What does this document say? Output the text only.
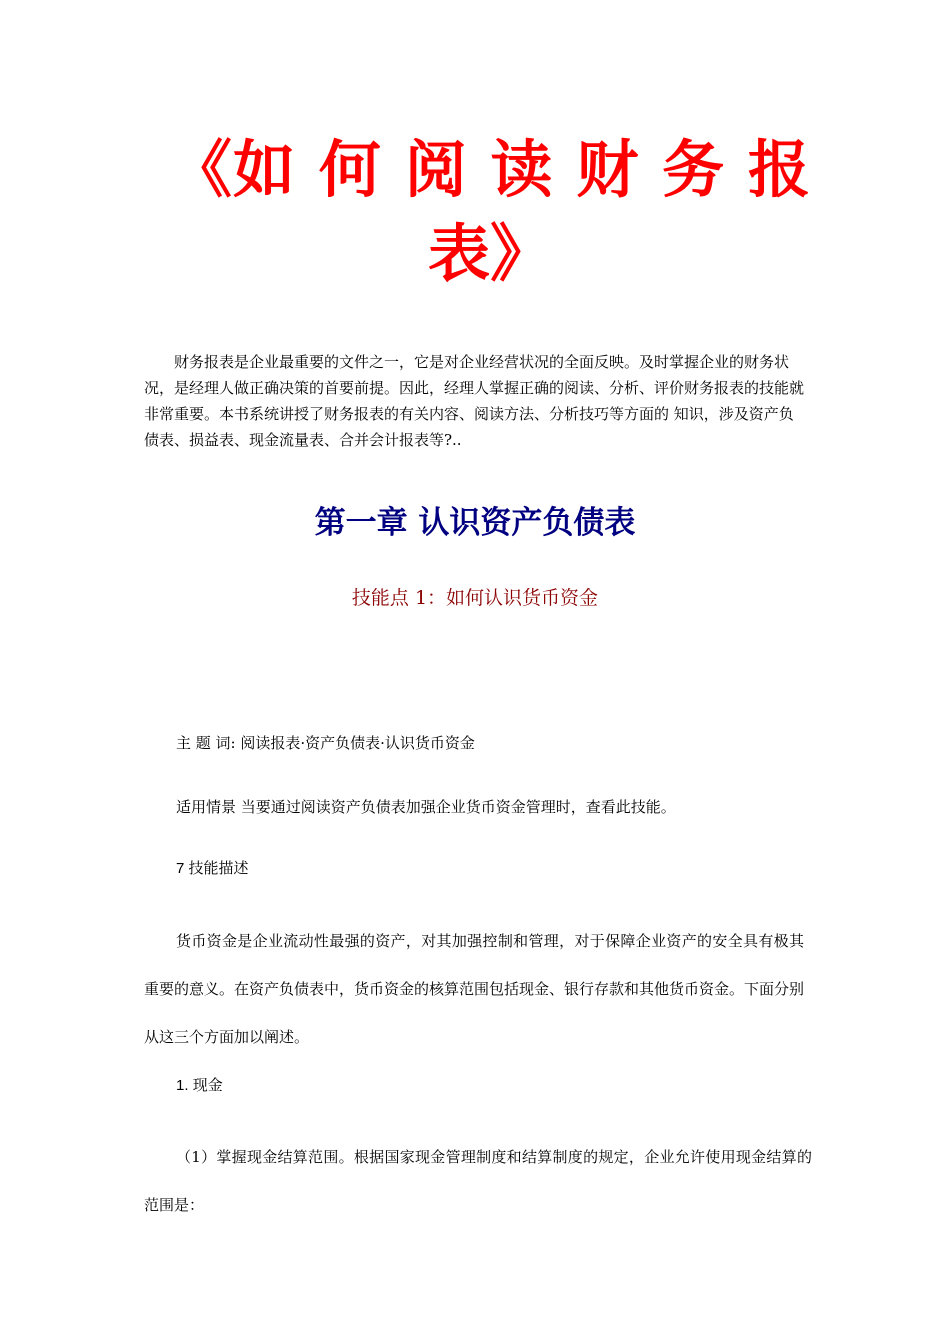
《如 何 阅 读 财 务 报
表》
财务报表是企业最重要的文件之一，它是对企业经营状况的全面反映。及时掌握企业的财务状况，是经理人做正确决策的首要前提。因此，经理人掌握正确的阅读、分析、评价财务报表的技能就非常重要。本书系统讲授了财务报表的有关内容、阅读方法、分析技巧等方面的 知识，涉及资产负债表、损益表、现金流量表、合并会计报表等?..
第一章 认识资产负债表
技能点 1：如何认识货币资金
主 题 词: 阅读报表·资产负债表·认识货币资金
适用情景 当要通过阅读资产负债表加强企业货币资金管理时，查看此技能。
7 技能描述
货币资金是企业流动性最强的资产，对其加强控制和管理，对于保障企业资产的安全具有极其重要的意义。在资产负债表中，货币资金的核算范围包括现金、银行存款和其他货币资金。下面分别从这三个方面加以阐述。
1. 现金
（1）掌握现金结算范围。根据国家现金管理制度和结算制度的规定，企业允许使用现金结算的范围是：
